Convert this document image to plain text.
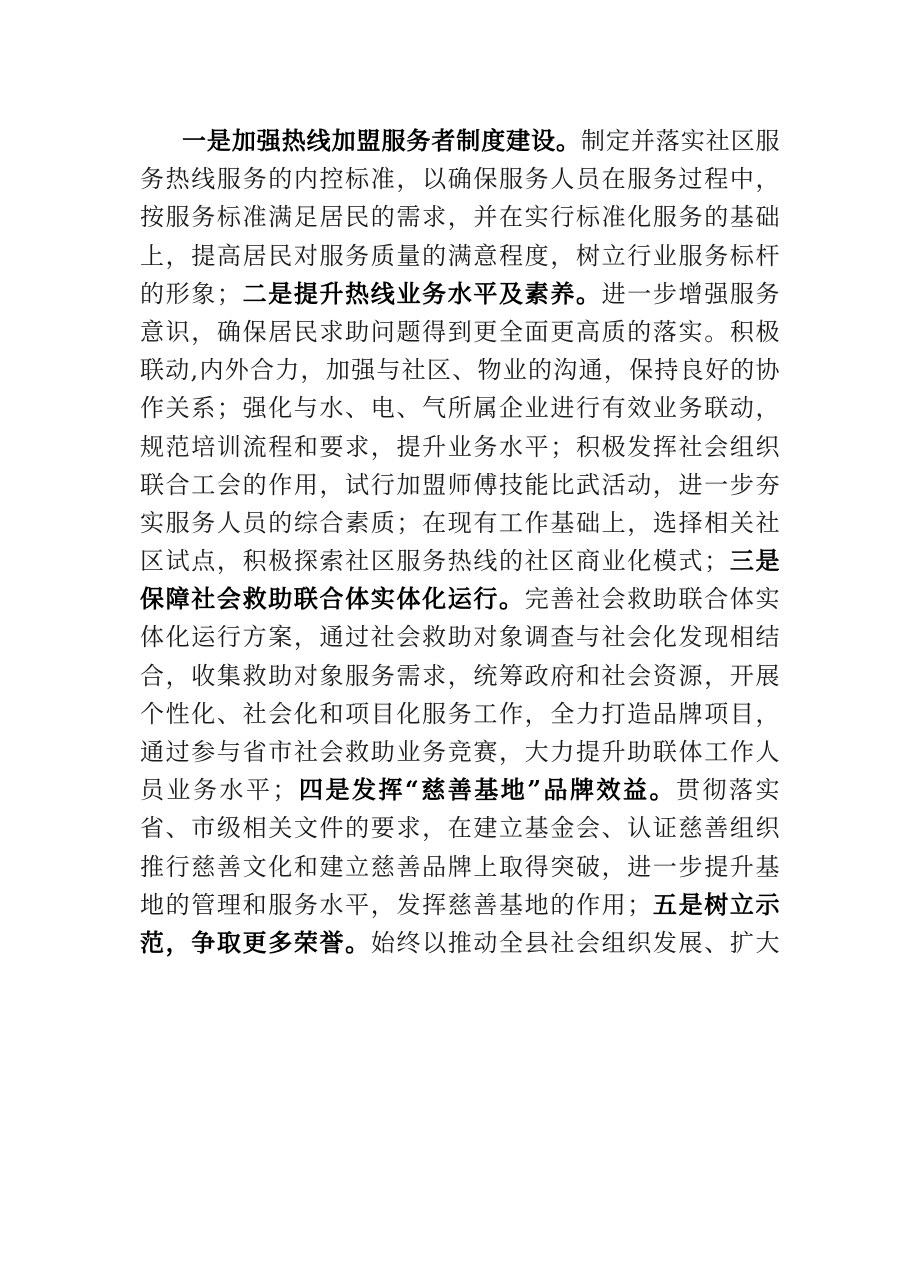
一是加强热线加盟服务者制度建设。制定并落实社区服
务热线服务的内控标准，以确保服务人员在服务过程中，
按服务标准满足居民的需求，并在实行标准化服务的基础
上，提高居民对服务质量的满意程度，树立行业服务标杆
的形象；二是提升热线业务水平及素养。进一步增强服务
意识，确保居民求助问题得到更全面更高质的落实。积极
联动,内外合力，加强与社区、物业的沟通，保持良好的协
作关系；强化与水、电、气所属企业进行有效业务联动，
规范培训流程和要求，提升业务水平；积极发挥社会组织
联合工会的作用，试行加盟师傅技能比武活动，进一步夯
实服务人员的综合素质；在现有工作基础上，选择相关社
区试点，积极探索社区服务热线的社区商业化模式；三是
保障社会救助联合体实体化运行。完善社会救助联合体实
体化运行方案，通过社会救助对象调查与社会化发现相结
合，收集救助对象服务需求，统筹政府和社会资源，开展
个性化、社会化和项目化服务工作，全力打造品牌项目，
通过参与省市社会救助业务竞赛，大力提升助联体工作人
员业务水平；四是发挥“慈善基地”品牌效益。贯彻落实
省、市级相关文件的要求，在建立基金会、认证慈善组织
推行慈善文化和建立慈善品牌上取得突破，进一步提升基
地的管理和服务水平，发挥慈善基地的作用；五是树立示
范，争取更多荣誉。始终以推动全县社会组织发展、扩大
